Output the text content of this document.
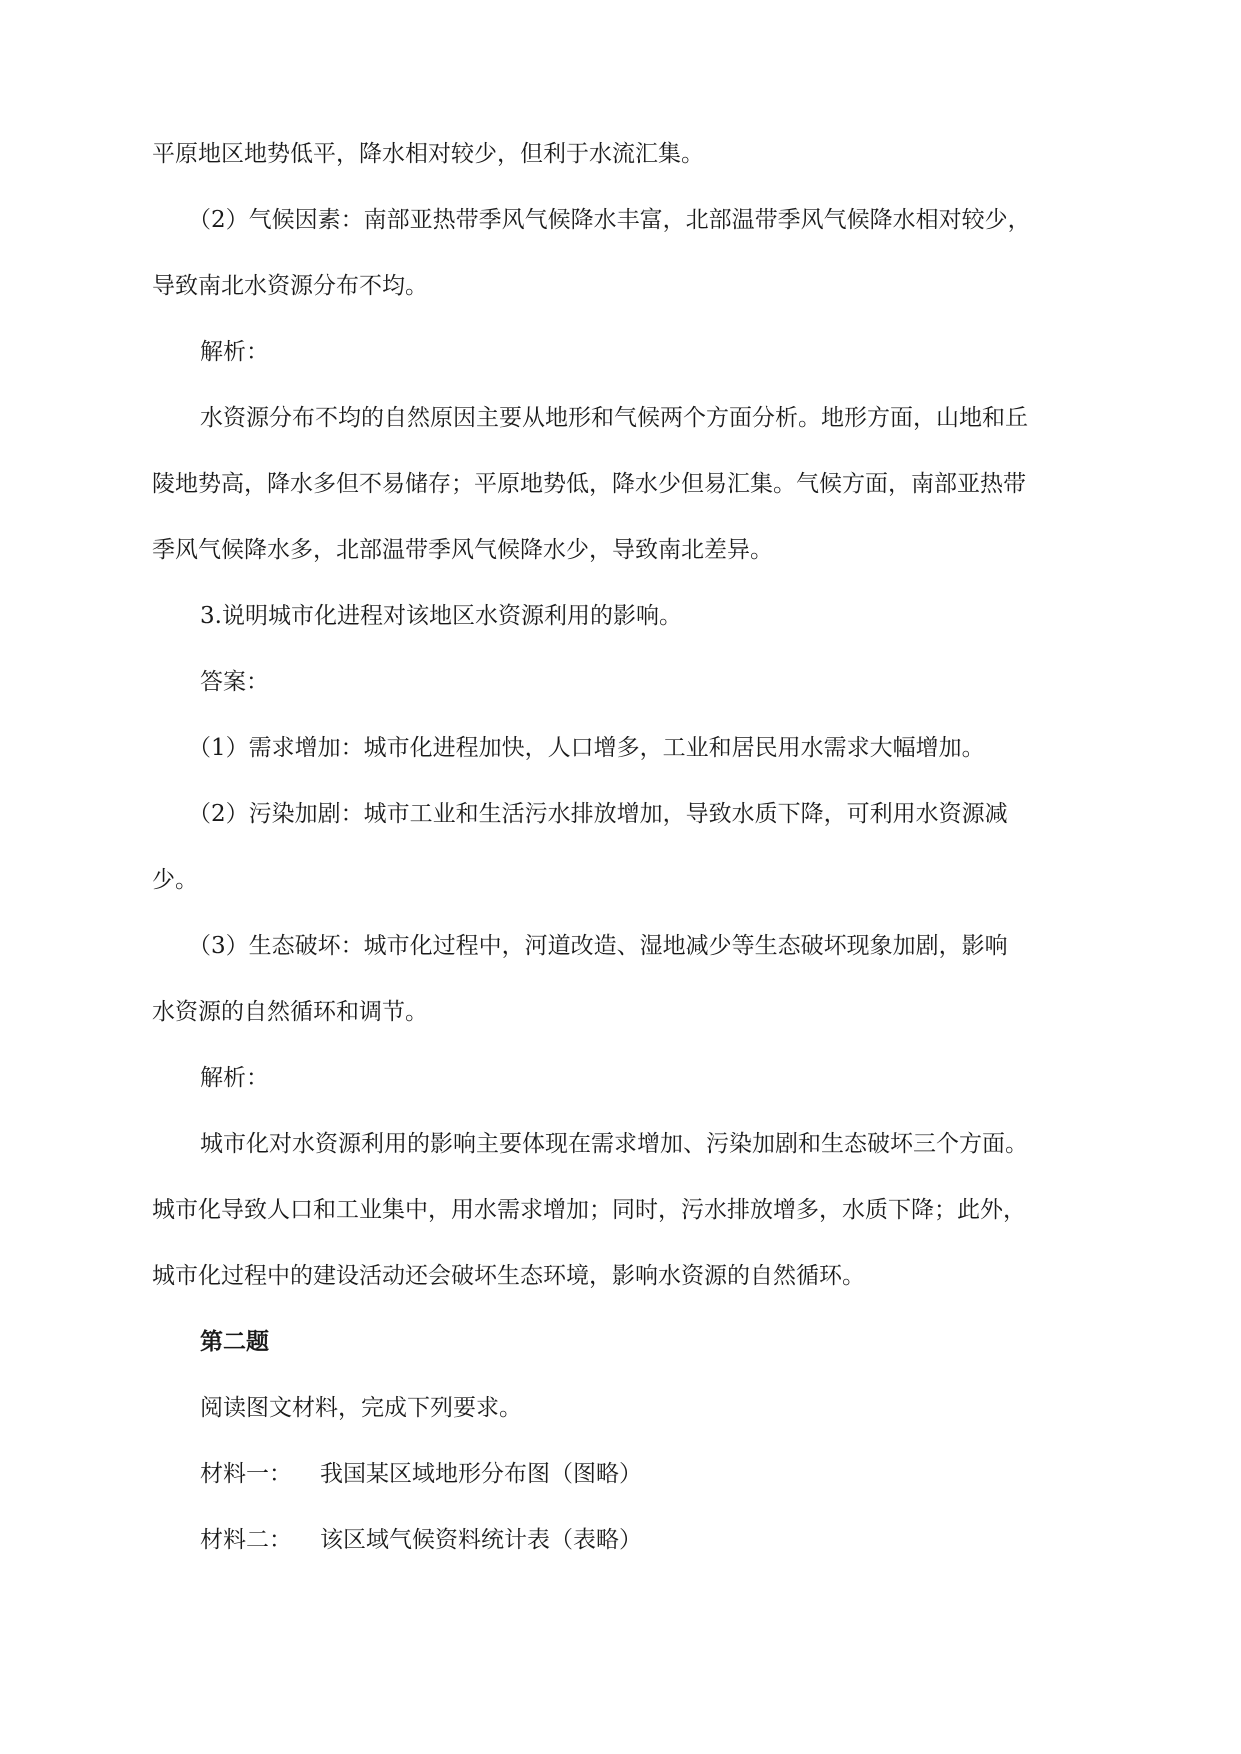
平原地区地势低平，降水相对较少，但利于水流汇集。

（2）气候因素：南部亚热带季风气候降水丰富，北部温带季风气候降水相对较少，

导致南北水资源分布不均。

解析：

水资源分布不均的自然原因主要从地形和气候两个方面分析。地形方面，山地和丘

陵地势高，降水多但不易储存；平原地势低，降水少但易汇集。气候方面，南部亚热带

季风气候降水多，北部温带季风气候降水少，导致南北差异。

3.说明城市化进程对该地区水资源利用的影响。

答案：

（1）需求增加：城市化进程加快，人口增多，工业和居民用水需求大幅增加。

（2）污染加剧：城市工业和生活污水排放增加，导致水质下降，可利用水资源减

少。

（3）生态破坏：城市化过程中，河道改造、湿地减少等生态破坏现象加剧，影响

水资源的自然循环和调节。

解析：

城市化对水资源利用的影响主要体现在需求增加、污染加剧和生态破坏三个方面。

城市化导致人口和工业集中，用水需求增加；同时，污水排放增多，水质下降；此外，

城市化过程中的建设活动还会破坏生态环境，影响水资源的自然循环。

第二题

阅读图文材料，完成下列要求。

材料一： 我国某区域地形分布图（图略）

材料二： 该区域气候资料统计表（表略）
